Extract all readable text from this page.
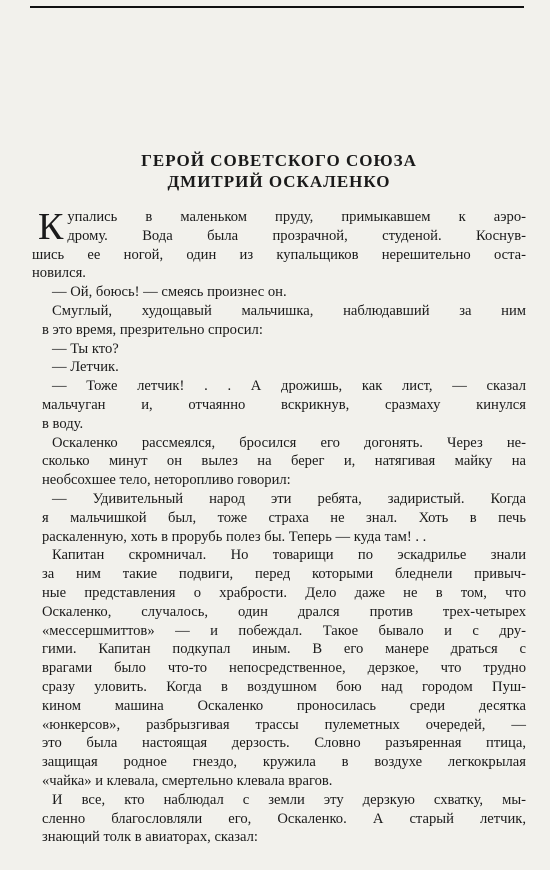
ГЕРОЙ СОВЕТСКОГО СОЮЗА
ДМИТРИЙ ОСКАЛЕНКО
К упались в маленьком пруду, примыкавшем к аэро-
дрому. Вода была прозрачной, студеной. Коснув-
шись ее ногой, один из купальщиков нерешительно оста-
новился.
— Ой, боюсь! — смеясь произнес он.
Смуглый, худощавый мальчишка, наблюдавший за ним
в это время, презрительно спросил:
— Ты кто?
— Летчик.
— Тоже летчик! . . А дрожишь, как лист, — сказал
мальчуган и, отчаянно вскрикнув, сразмаху кинулся
в воду.
Оскаленко рассмеялся, бросился его догонять. Через не-
сколько минут он вылез на берег и, натягивая майку на
необсохшее тело, неторопливо говорил:
— Удивительный народ эти ребята, задиристый. Когда
я мальчишкой был, тоже страха не знал. Хоть в печь
раскаленную, хоть в прорубь полез бы. Теперь — куда там! . .
Капитан скромничал. Но товарищи по эскадрилье знали
за ним такие подвиги, перед которыми бледнели привыч-
ные представления о храбрости. Дело даже не в том, что
Оскаленко, случалось, один дрался против трех-четырех
«мессершмиттов» — и побеждал. Такое бывало и с дру-
гими. Капитан подкупал иным. В его манере драться с
врагами было что-то непосредственное, дерзкое, что трудно
сразу уловить. Когда в воздушном бою над городом Пуш-
кином машина Оскаленко проносилась среди десятка
«юнкерсов», разбрызгивая трассы пулеметных очередей, —
это была настоящая дерзость. Словно разъяренная птица,
защищая родное гнездо, кружила в воздухе легкокрылая
«чайка» и клевала, смертельно клевала врагов.
И все, кто наблюдал с земли эту дерзкую схватку, мы-
сленно благословляли его, Оскаленко. А старый летчик,
знающий толк в авиаторах, сказал:
